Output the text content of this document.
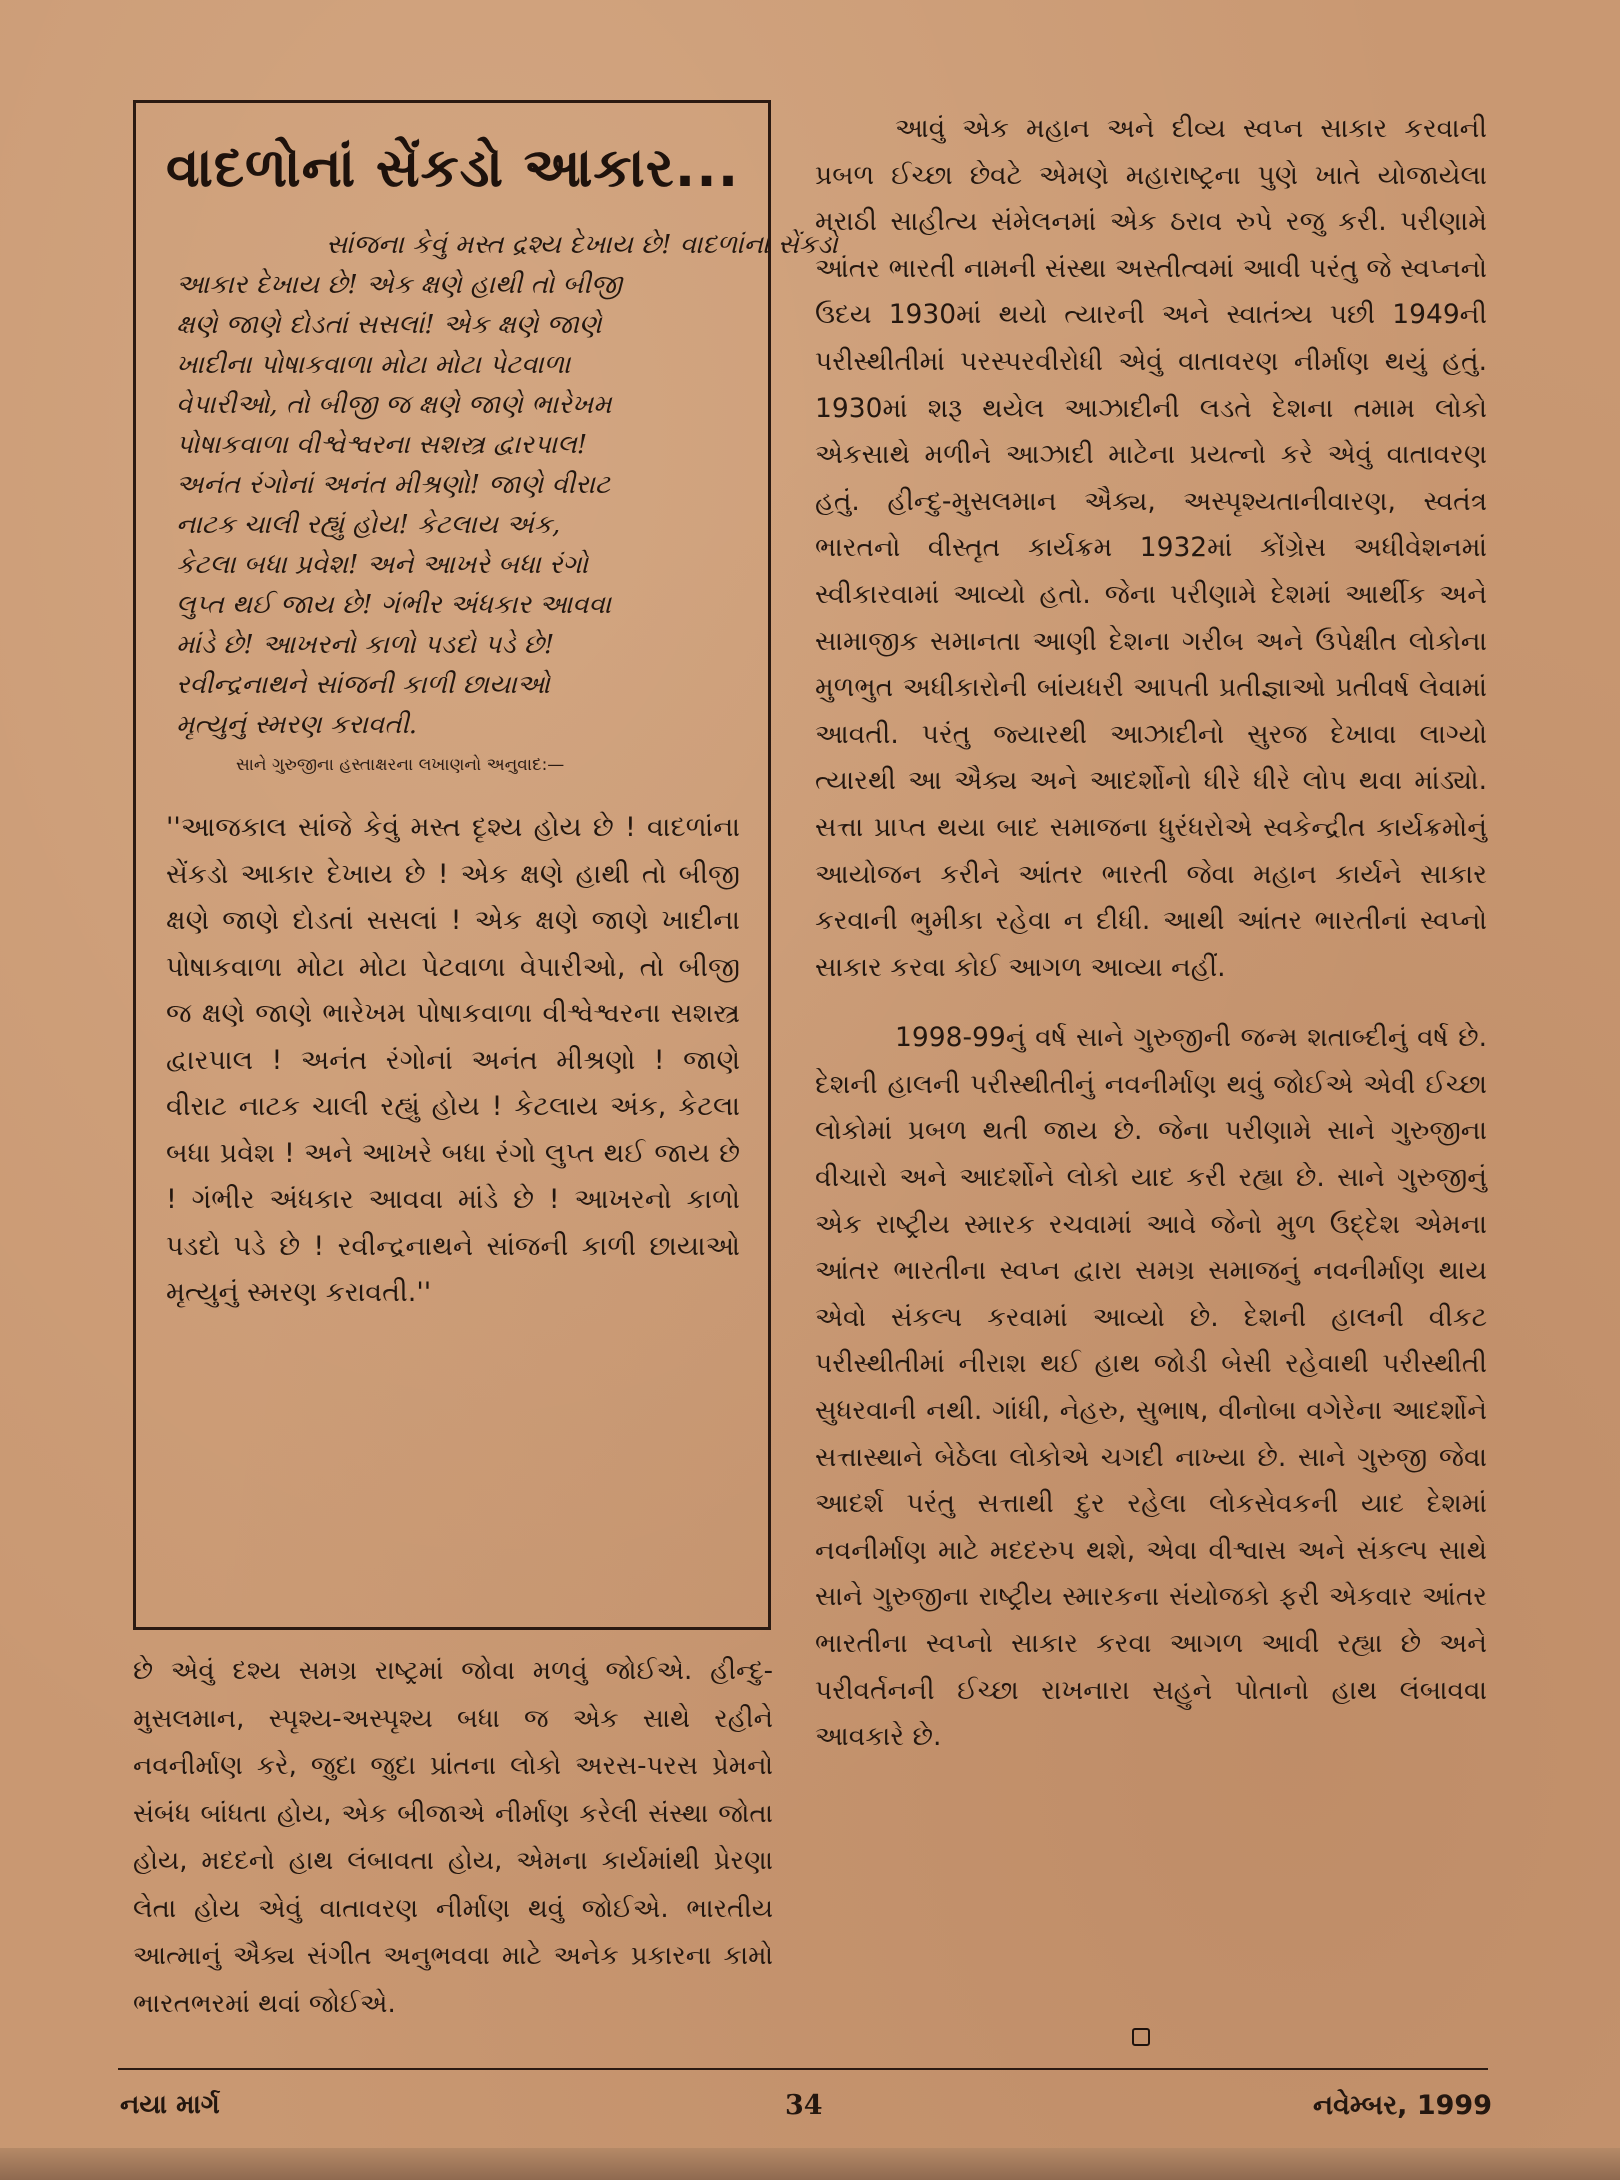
વાદળોનાં સેંકડો આકાર...
સાંજના કેવું મસ્ત દ્રશ્ય દેખાય છે! વાદળાંના સેંકડો
આકાર દેખાય છે! એક ક્ષણે હાથી તો બીજી
ક્ષણે જાણે દોડતાં સસલાં! એક ક્ષણે જાણે
ખાદીના પોષાકવાળા મોટા મોટા પેટવાળા
વેપારીઓ, તો બીજી જ ક્ષણે જાણે ભારેખમ
પોષાકવાળા વીશ્વેશ્વરના સશસ્ત્ર દ્વારપાલ!
અનંત રંગોનાં અનંત મીશ્રણો! જાણે વીરાટ
નાટક ચાલી રહ્યું હોય! કેટલાય અંક,
કેટલા બધા પ્રવેશ! અને આખરે બધા રંગો
લુપ્ત થઈ જાય છે! ગંભીર અંધકાર આવવા
માંડે છે! આખરનો કાળો પડદો પડે છે!
રવીન્દ્રનાથને સાંજની કાળી છાયાઓ
મૃત્યુનું સ્મરણ કરાવતી.
સાને ગુરુજીના હસ્તાક્ષરના લખાણનો અનુવાદ:—
''આજકાલ સાંજે કેવું મસ્ત દૃશ્ય હોય છે ! વાદળાંના સેંકડો આકાર દેખાય છે ! એક ક્ષણે હાથી તો બીજી ક્ષણે જાણે દોડતાં સસલાં ! એક ક્ષણે જાણે ખાદીના પોષાકવાળા મોટા મોટા પેટવાળા વેપારીઓ, તો બીજી જ ક્ષણે જાણે ભારેખમ પોષાકવાળા વીશ્વેશ્વરના સશસ્ત્ર દ્વારપાલ ! અનંત રંગોનાં અનંત મીશ્રણો ! જાણે વીરાટ નાટક ચાલી રહ્યું હોય ! કેટલાય અંક, કેટલા બધા પ્રવેશ ! અને આખરે બધા રંગો લુપ્ત થઈ જાય છે ! ગંભીર અંધકાર આવવા માંડે છે ! આખરનો કાળો પડદો પડે છે ! રવીન્દ્રનાથને સાંજની કાળી છાયાઓ મૃત્યુનું સ્મરણ કરાવતી.''
છે એવું દશ્ય સમગ્ર રાષ્ટ્રમાં જોવા મળવું જોઈએ. હીન્દુ-મુસલમાન, સ્પૃશ્ય-અસ્પૃશ્ય બધા જ એક સાથે રહીને નવનીર્માણ કરે, જુદા જુદા પ્રાંતના લોકો અરસ-પરસ પ્રેમનો સંબંધ બાંધતા હોય, એક બીજાએ નીર્માણ કરેલી સંસ્થા જોતા હોય, મદદનો હાથ લંબાવતા હોય, એમના કાર્યમાંથી પ્રેરણા લેતા હોય એવું વાતાવરણ નીર્માણ થવું જોઈએ. ભારતીય આત્માનું ઐક્ય સંગીત અનુભવવા માટે અનેક પ્રકારના કામો ભારતભરમાં થવાં જોઈએ.

આવું એક મહાન અને દીવ્ય સ્વપ્ન સાકાર કરવાની પ્રબળ ઈચ્છા છેવટે એમણે મહારાષ્ટ્રના પુણે ખાતે યોજાયેલા મરાઠી સાહીત્ય સંમેલનમાં એક ઠરાવ રુપે રજુ કરી. પરીણામે આંતર ભારતી નામની સંસ્થા અસ્તીત્વમાં આવી પરંતુ જે સ્વપ્નનો ઉદય 1930માં થયો ત્યારની અને સ્વાતંત્ર્ય પછી 1949ની પરીસ્થીતીમાં પરસ્પરવીરોધી એવું વાતાવરણ નીર્માણ થયું હતું. 1930માં શરૂ થયેલ આઝાદીની લડતે દેશના તમામ લોકો એકસાથે મળીને આઝાદી માટેના પ્રયત્નો કરે એવું વાતાવરણ હતું. હીન્દુ-મુસલમાન ઐક્ય, અસ્પૃશ્યતાનીવારણ, સ્વતંત્ર ભારતનો વીસ્તૃત કાર્યક્રમ 1932માં કોંગ્રેસ અધીવેશનમાં સ્વીકારવામાં આવ્યો હતો. જેના પરીણામે દેશમાં આર્થીક અને સામાજીક સમાનતા આણી દેશના ગરીબ અને ઉપેક્ષીત લોકોના મુળભુત અધીકારોની બાંયધરી આપતી પ્રતીજ્ઞાઓ પ્રતીવર્ષ લેવામાં આવતી. પરંતુ જ્યારથી આઝાદીનો સુરજ દેખાવા લાગ્યો ત્યારથી આ ઐક્ય અને આદર્શોનો ધીરે ધીરે લોપ થવા માંડ્યો. સત્તા પ્રાપ્ત થયા બાદ સમાજના ધુરંધરોએ સ્વકેન્દ્રીત કાર્યક્રમોનું આયોજન કરીને આંતર ભારતી જેવા મહાન કાર્યને સાકાર કરવાની ભુમીકા રહેવા ન દીધી. આથી આંતર ભારતીનાં સ્વપ્નો સાકાર કરવા કોઈ આગળ આવ્યા નહીં.

1998-99નું વર્ષ સાને ગુરુજીની જન્મ શતાબ્દીનું વર્ષ છે. દેશની હાલની પરીસ્થીતીનું નવનીર્માણ થવું જોઈએ એવી ઈચ્છા લોકોમાં પ્રબળ થતી જાય છે. જેના પરીણામે સાને ગુરુજીના વીચારો અને આદર્શોને લોકો યાદ કરી રહ્યા છે. સાને ગુરુજીનું એક રાષ્ટ્રીય સ્મારક રચવામાં આવે જેનો મુળ ઉદ્દેશ એમના આંતર ભારતીના સ્વપ્ન દ્વારા સમગ્ર સમાજનું નવનીર્માણ થાય એવો સંકલ્પ કરવામાં આવ્યો છે. દેશની હાલની વીકટ પરીસ્થીતીમાં નીરાશ થઈ હાથ જોડી બેસી રહેવાથી પરીસ્થીતી સુધરવાની નથી. ગાંધી, નેહરુ, સુભાષ, વીનોબા વગેરેના આદર્શોને સત્તાસ્થાને બેઠેલા લોકોએ ચગદી નાખ્યા છે. સાને ગુરુજી જેવા આદર્શ પરંતુ સત્તાથી દુર રહેલા લોકસેવકની યાદ દેશમાં નવનીર્માણ માટે મદદરુપ થશે, એવા વીશ્વાસ અને સંકલ્પ સાથે સાને ગુરુજીના રાષ્ટ્રીય સ્મારકના સંયોજકો ફરી એકવાર આંતર ભારતીના સ્વપ્નો સાકાર કરવા આગળ આવી રહ્યા છે અને પરીવર્તનની ઈચ્છા રાખનારા સહુને પોતાનો હાથ લંબાવવા આવકારે છે.

નયા માર્ગ	34	નવેમ્બર, 1999
